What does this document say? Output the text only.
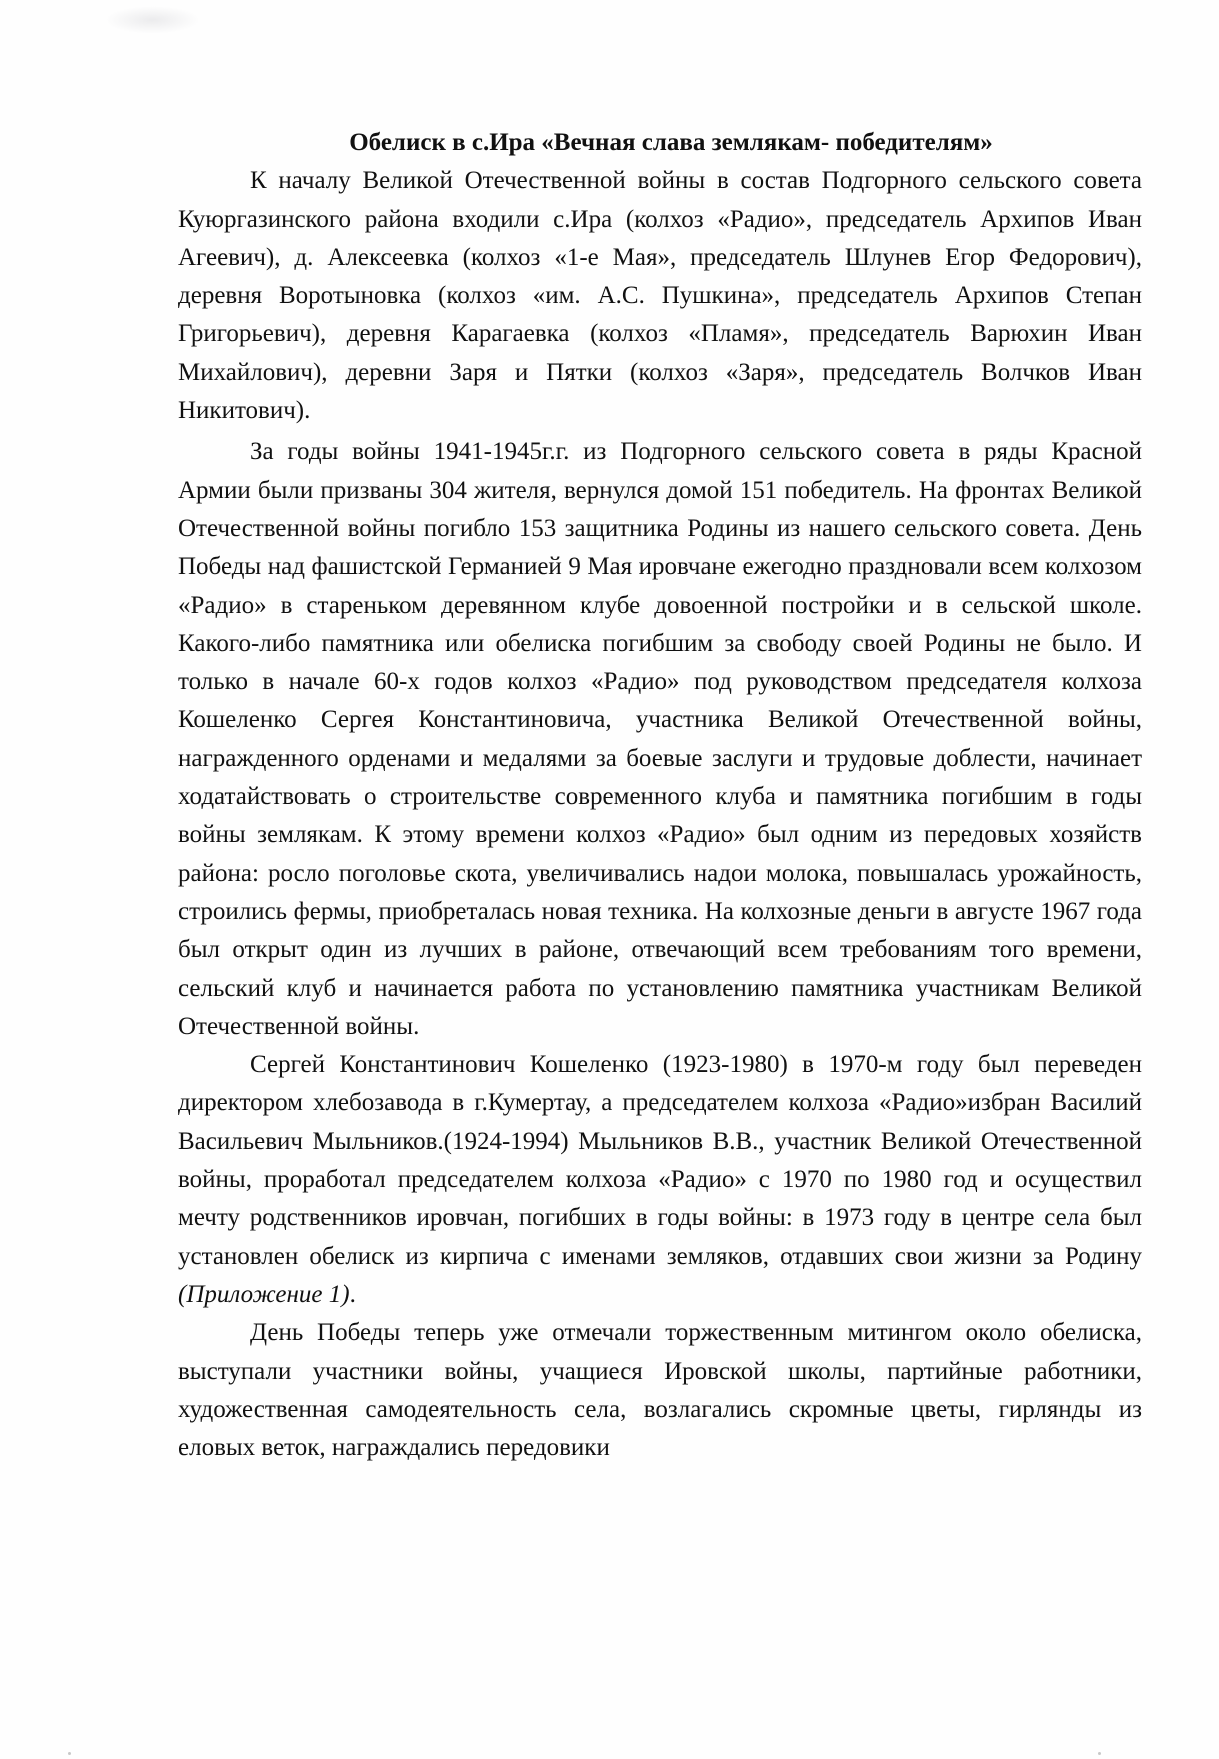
Обелиск в с.Ира «Вечная слава землякам- победителям»

К началу Великой Отечественной войны в состав Подгорного сельского совета Куюргазинского района входили с.Ира (колхоз «Радио», председатель Архипов Иван Агеевич), д. Алексеевка (колхоз «1-е Мая», председатель Шлунев Егор Федорович), деревня Воротыновка (колхоз «им. А.С. Пушкина», председатель Архипов Степан Григорьевич), деревня Карагаевка (колхоз «Пламя», председатель Варюхин Иван Михайлович), деревни Заря и Пятки (колхоз «Заря», председатель Волчков Иван Никитович).

За годы войны 1941-1945г.г. из Подгорного сельского совета в ряды Красной Армии были призваны 304 жителя, вернулся домой 151 победитель. На фронтах Великой Отечественной войны погибло 153 защитника Родины из нашего сельского совета. День Победы над фашистской Германией 9 Мая ировчане ежегодно праздновали всем колхозом «Радио» в стареньком деревянном клубе довоенной постройки и в сельской школе. Какого-либо памятника или обелиска погибшим за свободу своей Родины не было. И только в начале 60-х годов колхоз «Радио» под руководством председателя колхоза Кошеленко Сергея Константиновича, участника Великой Отечественной войны, награжденного орденами и медалями за боевые заслуги и трудовые доблести, начинает ходатайствовать о строительстве современного клуба и памятника погибшим в годы войны землякам. К этому времени колхоз «Радио» был одним из передовых хозяйств района: росло поголовье скота, увеличивались надои молока, повышалась урожайность, строились фермы, приобреталась новая техника. На колхозные деньги в августе 1967 года был открыт один из лучших в районе, отвечающий всем требованиям того времени, сельский клуб и начинается работа по установлению памятника участникам Великой Отечественной войны.

Сергей Константинович Кошеленко (1923-1980) в 1970-м году был переведен директором хлебозавода в г.Кумертау, а председателем колхоза «Радио»избран Василий Васильевич Мыльников.(1924-1994) Мыльников В.В., участник Великой Отечественной войны, проработал председателем колхоза «Радио» с 1970 по 1980 год и осуществил мечту родственников ировчан, погибших в годы войны: в 1973 году в центре села был установлен обелиск из кирпича с именами земляков, отдавших свои жизни за Родину (Приложение 1).

День Победы теперь уже отмечали торжественным митингом около обелиска, выступали участники войны, учащиеся Ировской школы, партийные работники, художественная самодеятельность села, возлагались скромные цветы, гирлянды из еловых веток, награждались передовики
